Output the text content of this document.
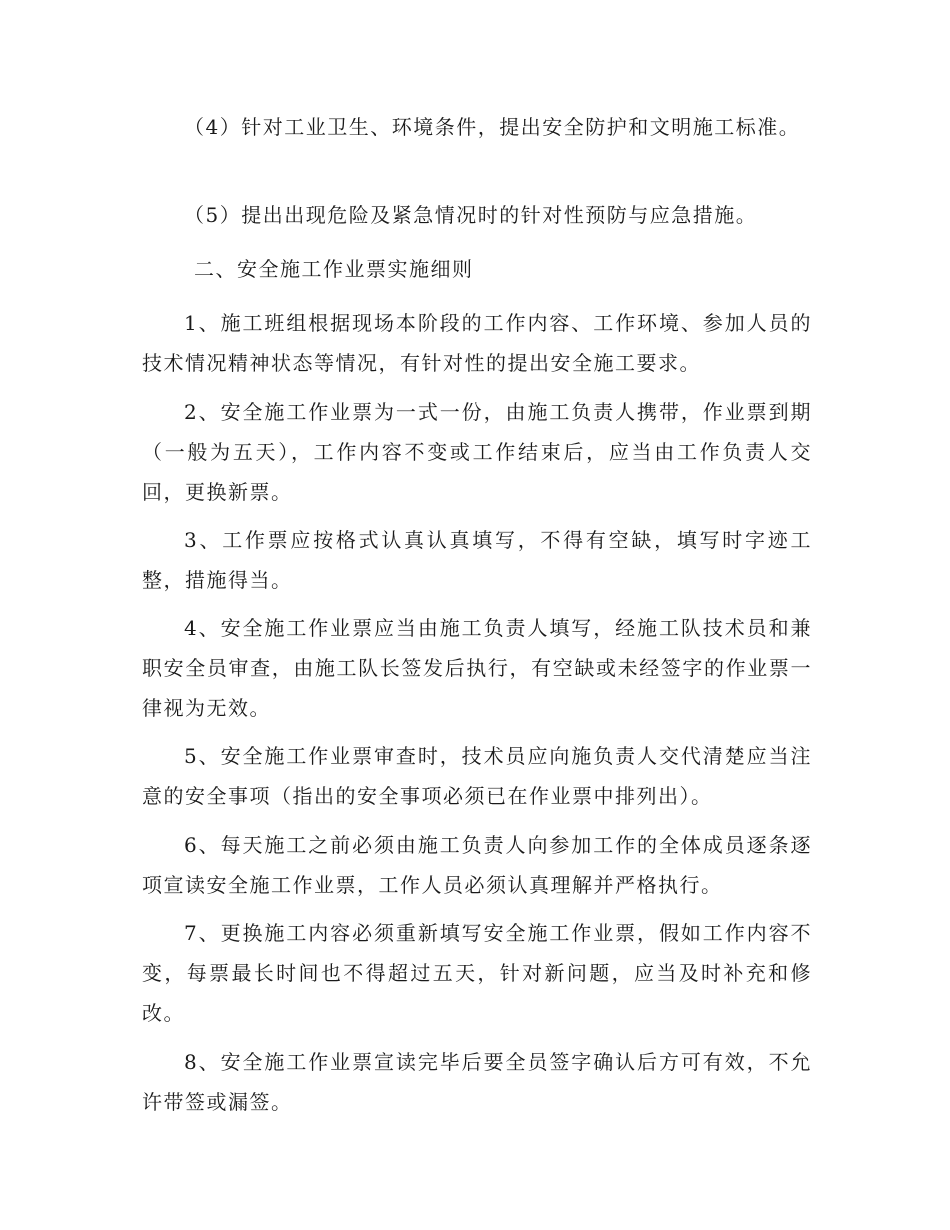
（4）针对工业卫生、环境条件，提出安全防护和文明施工标准。

（5）提出出现危险及紧急情况时的针对性预防与应急措施。

二、安全施工作业票实施细则

1、施工班组根据现场本阶段的工作内容、工作环境、参加人员的技术情况精神状态等情况，有针对性的提出安全施工要求。

2、安全施工作业票为一式一份，由施工负责人携带，作业票到期（一般为五天），工作内容不变或工作结束后，应当由工作负责人交回，更换新票。

3、工作票应按格式认真认真填写，不得有空缺，填写时字迹工整，措施得当。

4、安全施工作业票应当由施工负责人填写，经施工队技术员和兼职安全员审查，由施工队长签发后执行，有空缺或未经签字的作业票一律视为无效。

5、安全施工作业票审查时，技术员应向施负责人交代清楚应当注意的安全事项（指出的安全事项必须已在作业票中排列出）。

6、每天施工之前必须由施工负责人向参加工作的全体成员逐条逐项宣读安全施工作业票，工作人员必须认真理解并严格执行。

7、更换施工内容必须重新填写安全施工作业票，假如工作内容不变，每票最长时间也不得超过五天，针对新问题，应当及时补充和修改。

8、安全施工作业票宣读完毕后要全员签字确认后方可有效，不允许带签或漏签。
